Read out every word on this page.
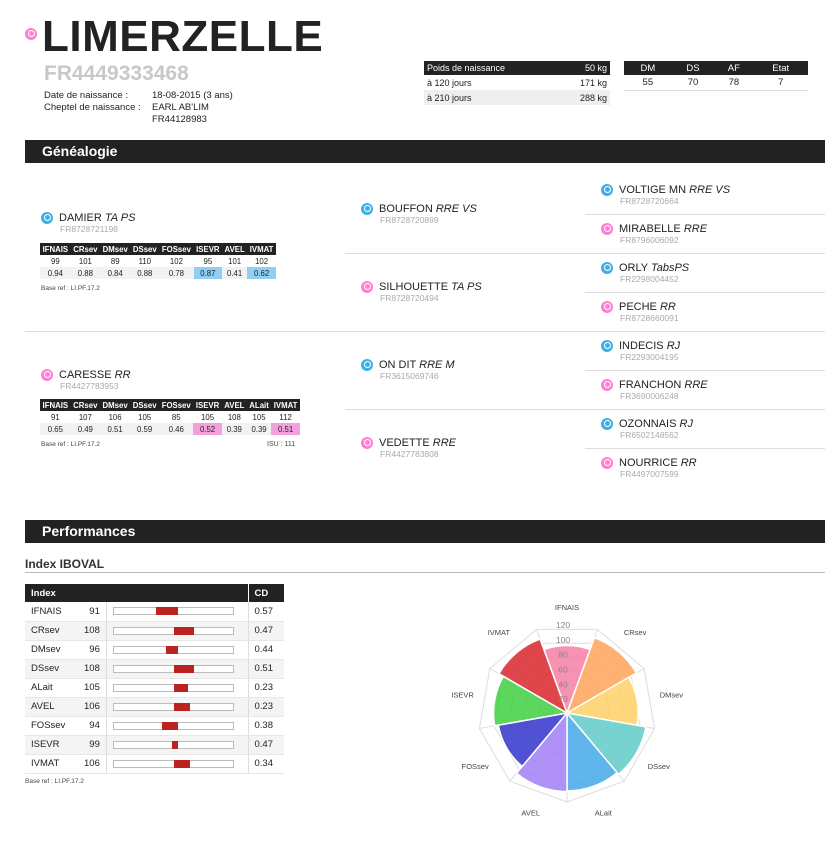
LIMERZELLE
FR4449333468
Date de naissance :	18-08-2015 (3 ans)
Cheptel de naissance :	EARL AB'LIM
FR44128983
Poids de naissance	50 kg
à 120 jours	171 kg
à 210 jours	288 kg
DM	DS	AF	Etat
55	70	78	7
Généalogie
DAMIER TA PS
FR8728721198
IFNAIS	CRsev	DMsev	DSsev	FOSsev	ISEVR	AVEL	IVMAT
99	101	89	110	102	95	101	102
0.94	0.88	0.84	0.88	0.78	0.87	0.41	0.62
Base ref : LI.PF.17.2
CARESSE RR
FR4427783953
IFNAIS	CRsev	DMsev	DSsev	FOSsev	ISEVR	AVEL	ALait	IVMAT
91	107	106	105	85	105	108	105	112
0.65	0.49	0.51	0.59	0.46	0.52	0.39	0.39	0.51
Base ref : LI.PF.17.2	ISU : 111
BOUFFON RRE VS
FR8728720899
SILHOUETTE TA PS
FR8728720494
ON DIT RRE M
FR3615069746
VEDETTE RRE
FR4427783808
VOLTIGE MN RRE VS
FR8728720664
MIRABELLE RRE
FR8796006092
ORLY TabsPS
FR2298004452
PECHE RR
FR8728660091
INDECIS RJ
FR2293004195
FRANCHON RRE
FR3690006248
OZONNAIS RJ
FR6502148562
NOURRICE RR
FR4497007599
Performances
Index IBOVAL
Index			CD
IFNAIS	91		0.57
CRsev	108		0.47
DMsev	96		0.44
DSsev	108		0.51
ALait	105		0.23
AVEL	106		0.23
FOSsev	94		0.38
ISEVR	99		0.47
IVMAT	106		0.34
Base ref : LI.PF.17.2
20
40
60
80
100
120
IFNAIS
CRsev
DMsev
DSsev
ALait
AVEL
FOSsev
ISEVR
IVMAT
